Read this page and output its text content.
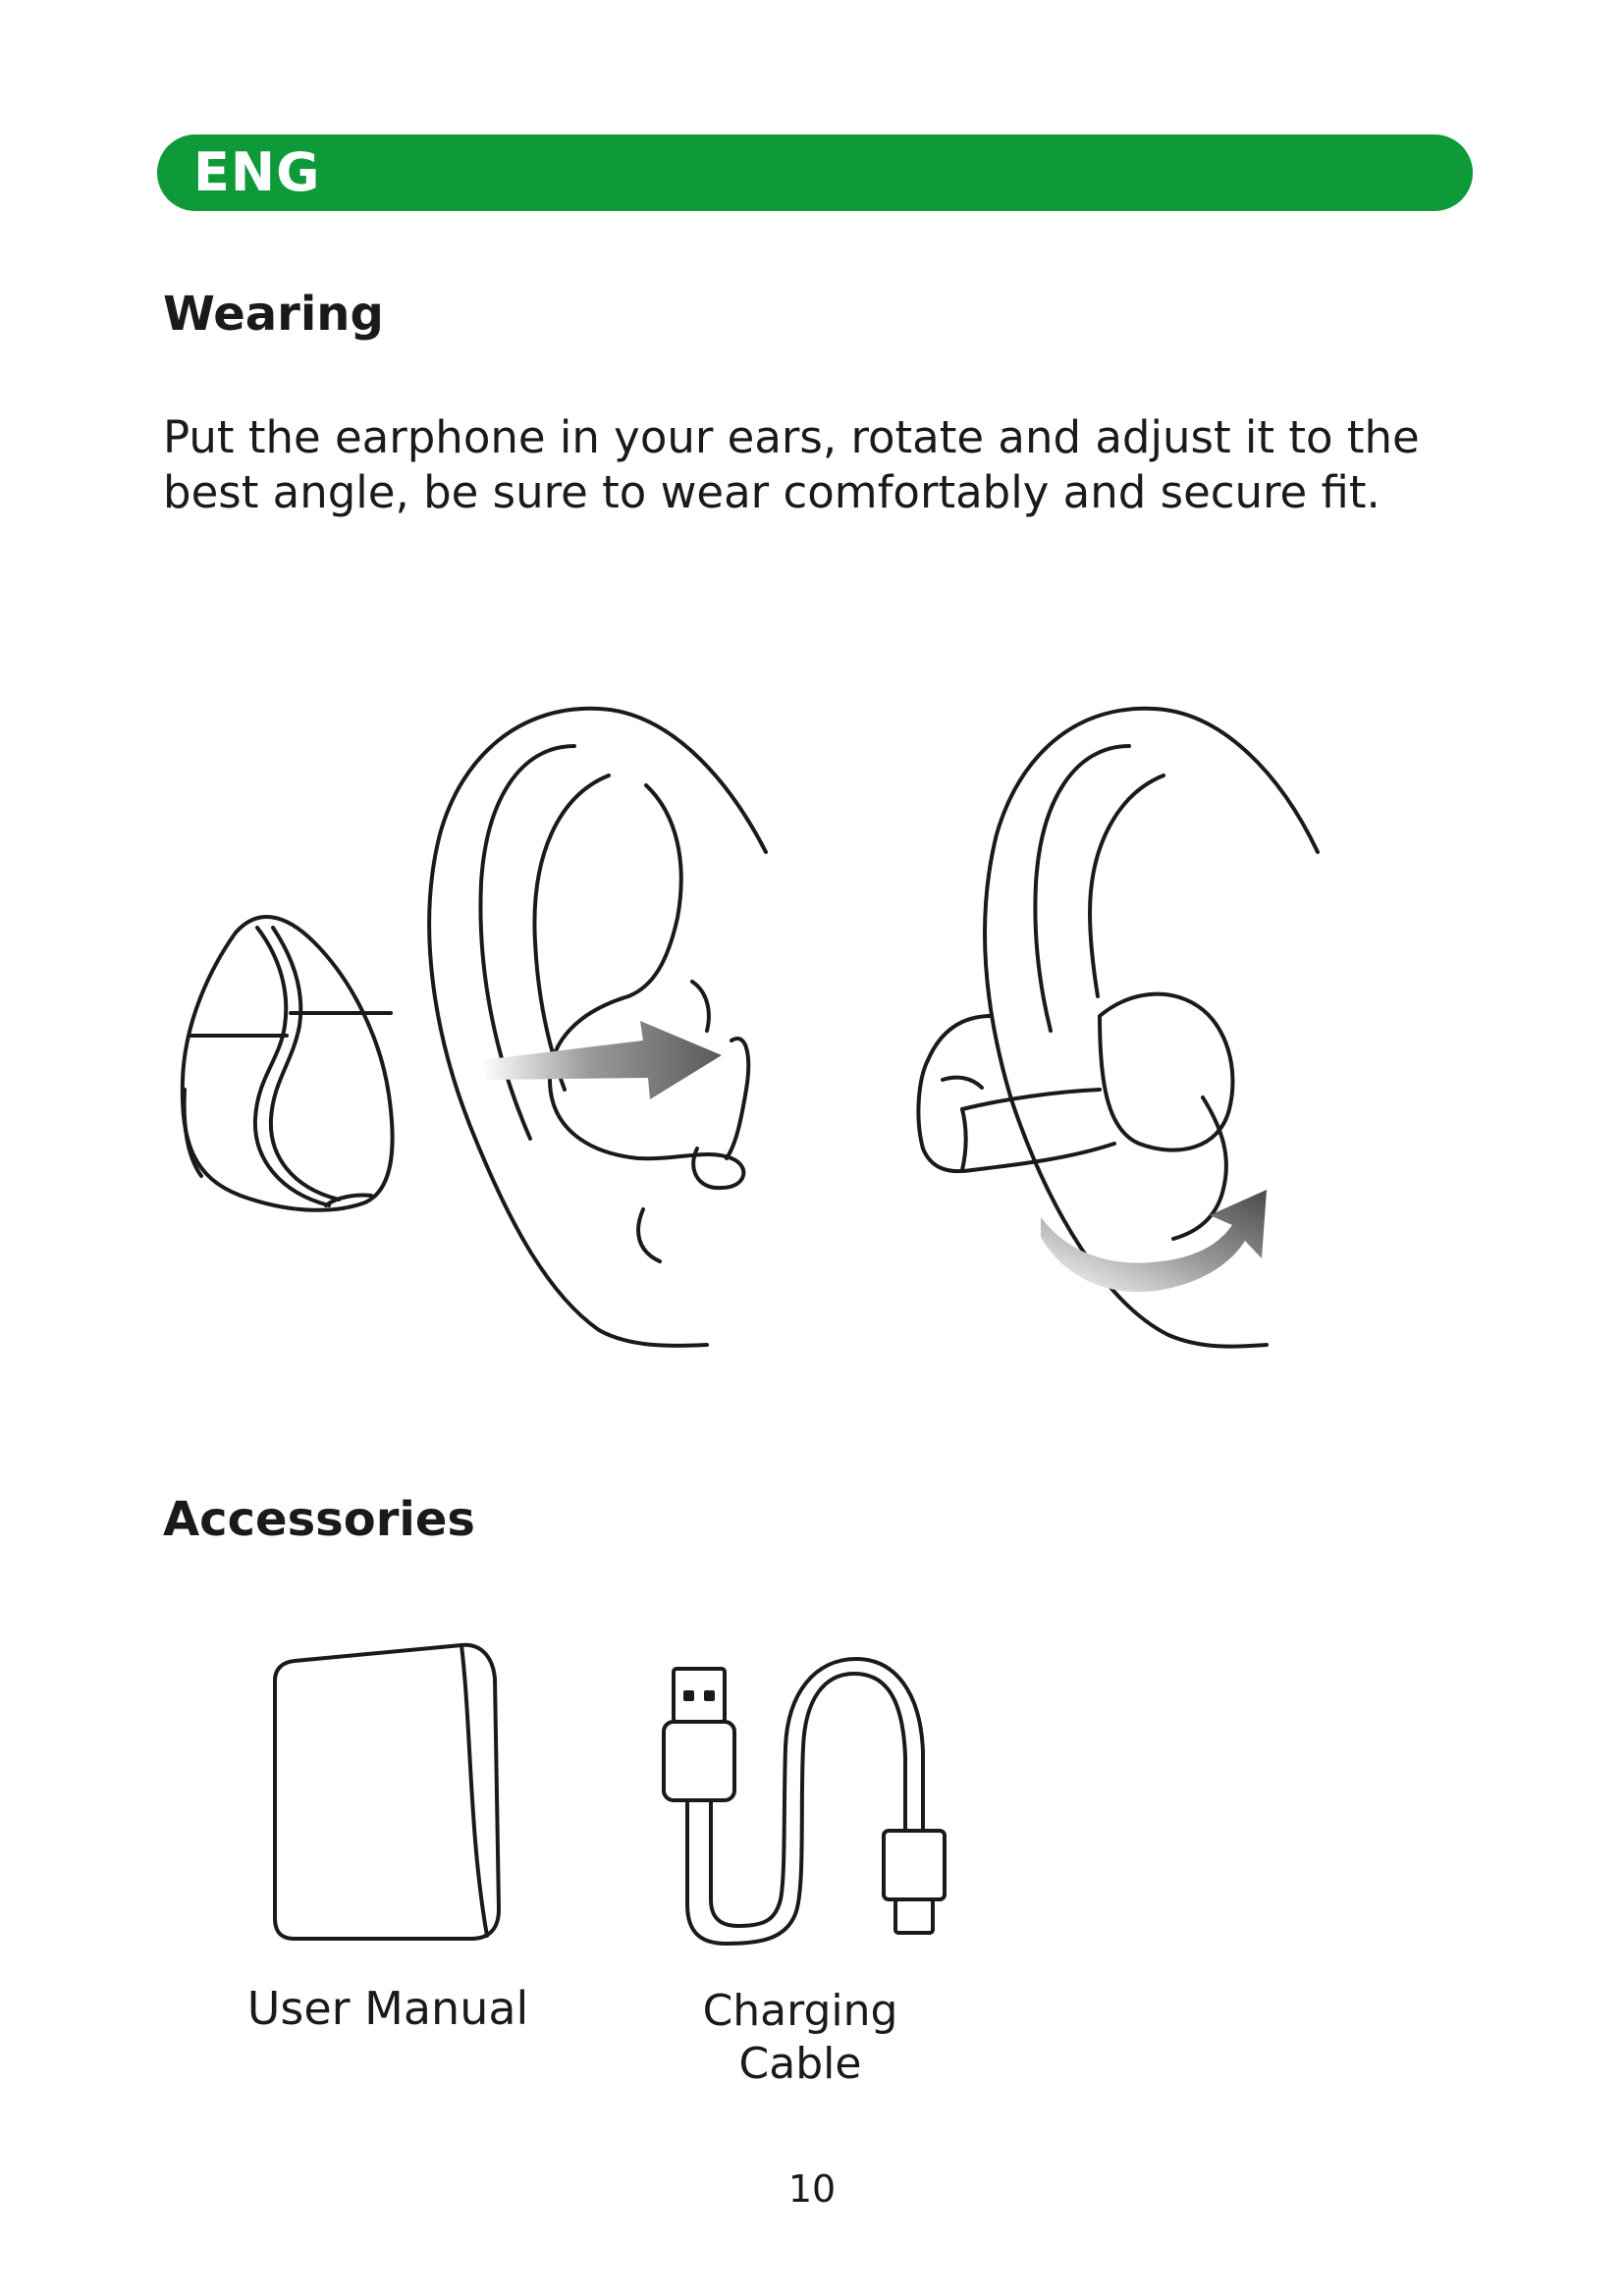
ENG
Wearing
Put the earphone in your ears, rotate and adjust it to the best angle, be sure to wear comfortably and secure fit.
Accessories
User Manual	Charging Cable
10
